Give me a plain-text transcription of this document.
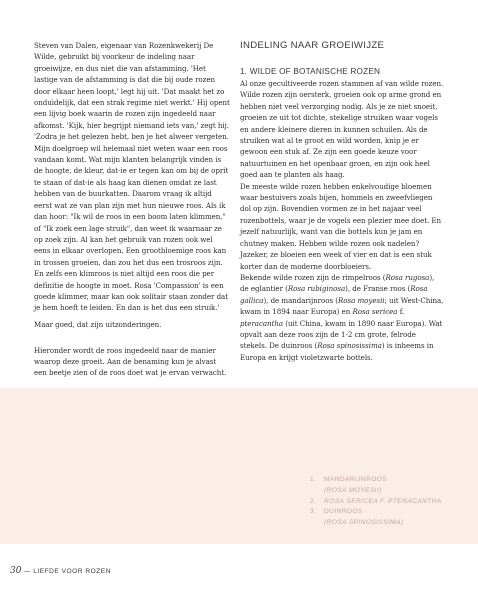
Steven van Dalen, eigenaar van Rozenkwekerij De Wilde, gebruikt bij voorkeur de indeling naar groeiwijze, en dus niet die van afstamming. 'Het lastige van de afstamming is dat die bij oude rozen door elkaar heen loopt,' legt hij uit. 'Dat maakt het zo onduidelijk, dat een strak regime niet werkt.' Hij opent een lijvig boek waarin de rozen zijn ingedeeld naar afkomst. 'Kijk, hier begrijpt niemand iets van,' zegt hij. 'Zodra je het gelezen hebt, ben je het alweer vergeten. Mijn doelgroep wil helemaal niet weten waar een roos vandaan komt. Wat mijn klanten belangrijk vinden is de hoogte, de kleur, dat-ie er tegen kan om bij de oprit te staan of dat-ie als haag kan dienen omdat ze last hebben van de buurkatten. Daarom vraag ik altijd eerst wat ze van plan zijn met hun nieuwe roos. Als ik dan hoor: "Ik wil de roos in een boom laten klimmen," of "Ik zoek een lage struik", dan weet ik waarnaar ze op zoek zijn. Al kan het gebruik van rozen ook wel eens in elkaar overlopen. Een grootbloemige roos kan in trossen groeien, dan zou het dus een trosroos zijn. En zelfs een klimroos is niet altijd een roos die per definitie de hoogte in moet. Rosa 'Compassion' is een goede klimmer, maar kan ook solitair staan zonder dat je hem hoeft te leiden. En dan is het dus een struik.'

Maar goed, dat zijn uitzonderingen.

Hieronder wordt de roos ingedeeld naar de manier waarop deze groeit. Aan de benaming kun je alvast een beetje zien of de roos doet wat je ervan verwacht.

INDELING NAAR GROEIWIJZE
1. WILDE OF BOTANISCHE ROZEN

Al onze gecultiveerde rozen stammen af van wilde rozen. Wilde rozen zijn oersterk, groeien ook op arme grond en hebben niet veel verzorging nodig. Als je ze niet snoeit, groeien ze uit tot dichte, stekelige struiken waar vogels en andere kleinere dieren in kunnen schuilen. Als de struiken wat al te groot en wild worden, knip je er gewoon een stuk af. Ze zijn een goede keuze voor natuurtuinen en het openbaar groen, en zijn ook heel goed aan te planten als haag.

De meeste wilde rozen hebben enkelvoudige bloemen waar bestuivers zoals bijen, hommels en zweefvliegen dol op zijn. Bovendien vormen ze in het najaar veel rozenbottels, waar je de vogels een plezier mee doet. En jezelf natuurlijk, want van die bottels kun je jam en chutney maken. Hebben wilde rozen ook nadelen? Jazeker, ze bloeien een week of vier en dat is een stuk korter dan de moderne doorbloeiers.

Bekende wilde rozen zijn de rimpelroos (Rosa rugosa), de eglantier (Rosa rubiginosa), de Franse roos (Rosa gallica), de mandarijnroos (Rosa moyesii; uit West-China, kwam in 1894 naar Europa) en Rosa sericea f. pteracantha (uit China, kwam in 1890 naar Europa). Wat opvalt aan deze roos zijn de 1-2 cm grote, felrode stekels. De duinroos (Rosa spinosissima) is inheems in Europa en krijgt violetzwarte bottels.

1.	MANDARIJNROOS
(ROSA MOYESII)
2.	ROSA SERICEA F. PTERACANTHA
3.	DUINROOS
(ROSA SPINOSISSIMA)
30 — LIEFDE VOOR ROZEN
